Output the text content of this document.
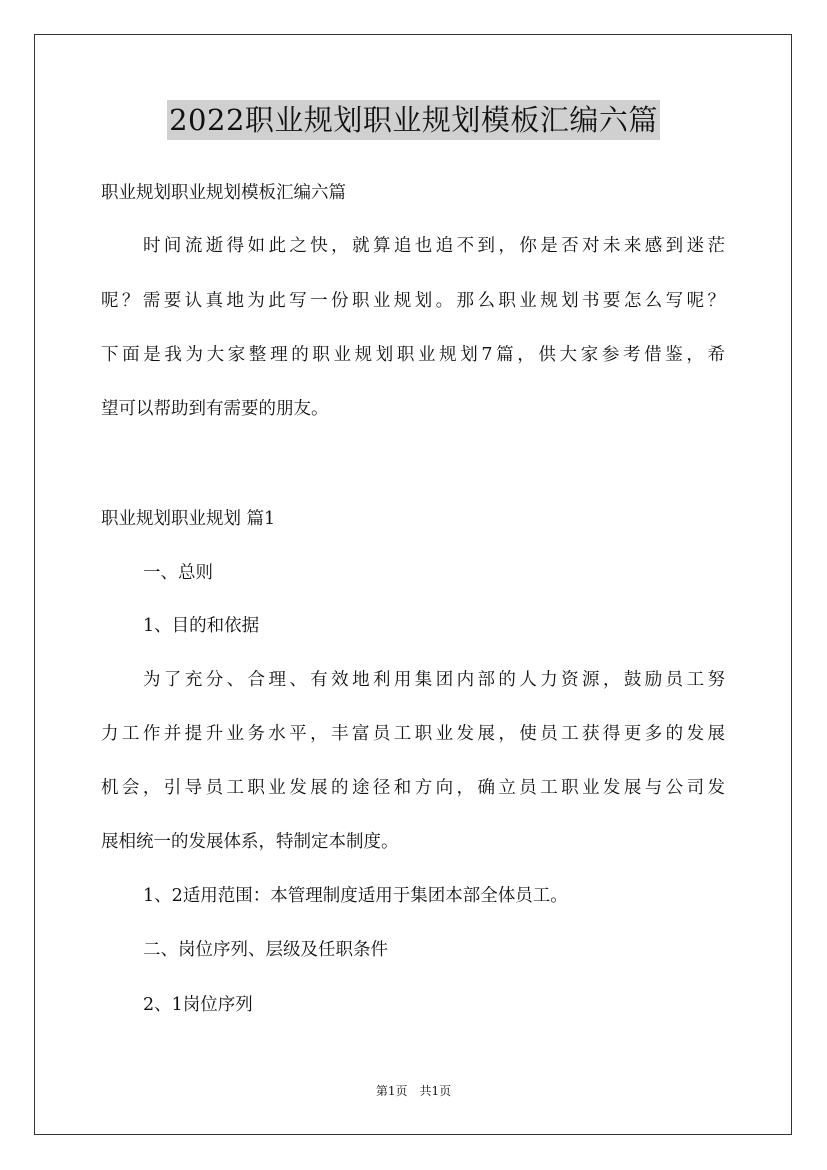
2022职业规划职业规划模板汇编六篇
职业规划职业规划模板汇编六篇
时间流逝得如此之快，就算追也追不到，你是否对未来感到迷茫
呢？需要认真地为此写一份职业规划。那么职业规划书要怎么写呢？
下面是我为大家整理的职业规划职业规划7篇，供大家参考借鉴，希
望可以帮助到有需要的朋友。
职业规划职业规划 篇1
一、总则
1、目的和依据
为了充分、合理、有效地利用集团内部的人力资源，鼓励员工努
力工作并提升业务水平，丰富员工职业发展，使员工获得更多的发展
机会，引导员工职业发展的途径和方向，确立员工职业发展与公司发
展相统一的发展体系，特制定本制度。
1、2适用范围：本管理制度适用于集团本部全体员工。
二、岗位序列、层级及任职条件
2、1岗位序列
第1页　共1页
